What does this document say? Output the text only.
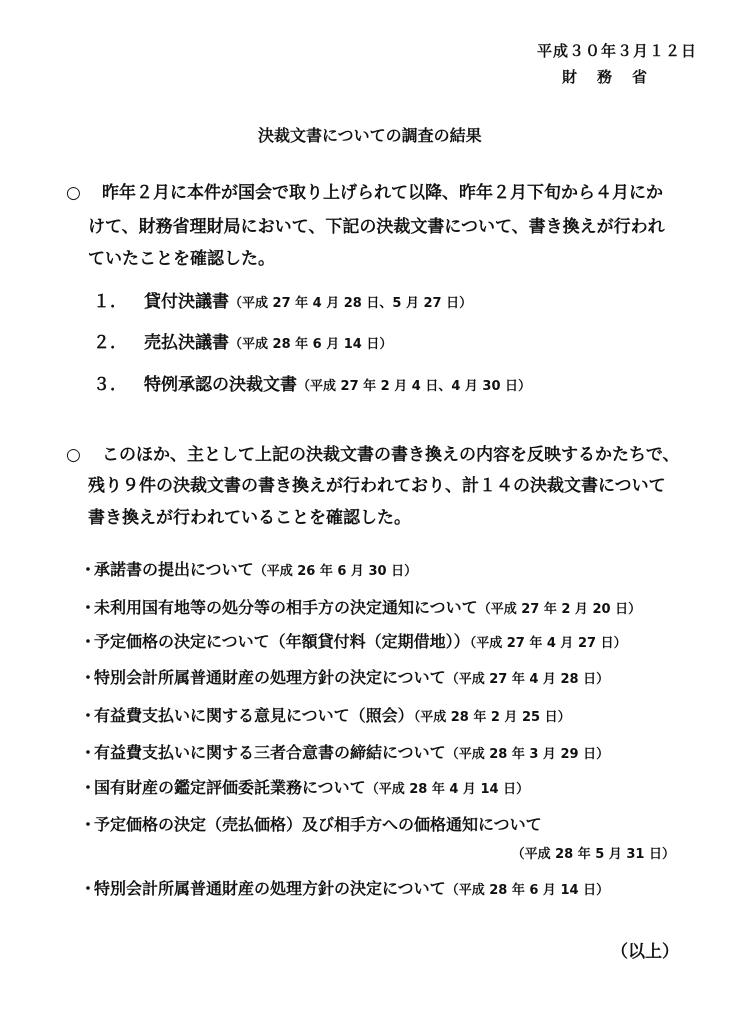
平成３０年３月１２日
財務省
決裁文書についての調査の結果
○ 昨年２月に本件が国会で取り上げられて以降、昨年２月下旬から４月にか
けて、財務省理財局において、下記の決裁文書について、書き換えが行われ
ていたことを確認した。
１． 貸付決議書（平成 27 年 4 月 28 日、5 月 27 日）
２． 売払決議書（平成 28 年 6 月 14 日）
３． 特例承認の決裁文書（平成 27 年 2 月 4 日、4 月 30 日）
○ このほか、主として上記の決裁文書の書き換えの内容を反映するかたちで、
残り９件の決裁文書の書き換えが行われており、計１４の決裁文書について
書き換えが行われていることを確認した。
・承諾書の提出について（平成 26 年 6 月 30 日）
・未利用国有地等の処分等の相手方の決定通知について（平成 27 年 2 月 20 日）
・予定価格の決定について（年額貸付料（定期借地））（平成 27 年 4 月 27 日）
・特別会計所属普通財産の処理方針の決定について（平成 27 年 4 月 28 日）
・有益費支払いに関する意見について（照会）（平成 28 年 2 月 25 日）
・有益費支払いに関する三者合意書の締結について（平成 28 年 3 月 29 日）
・国有財産の鑑定評価委託業務について（平成 28 年 4 月 14 日）
・予定価格の決定（売払価格）及び相手方への価格通知について
（平成 28 年 5 月 31 日）
・特別会計所属普通財産の処理方針の決定について（平成 28 年 6 月 14 日）
（以上）
